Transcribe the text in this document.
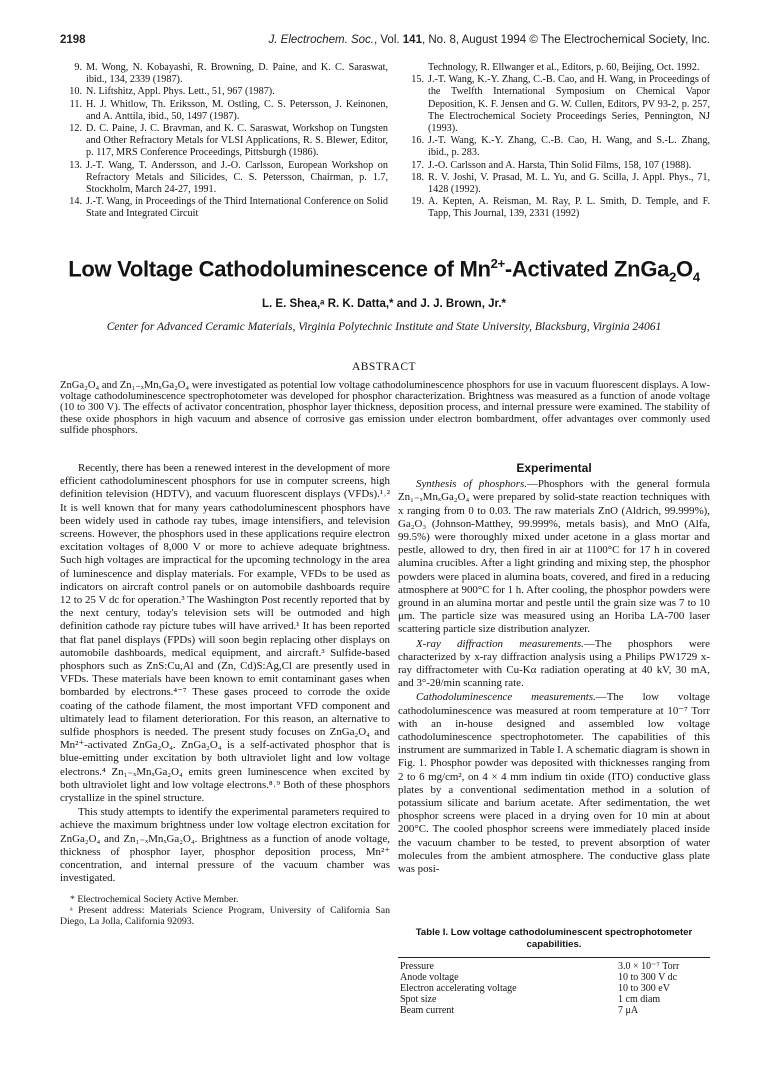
2198	J. Electrochem. Soc., Vol. 141, No. 8, August 1994 © The Electrochemical Society, Inc.
9. M. Wong, N. Kobayashi, R. Browning, D. Paine, and K. C. Saraswat, ibid., 134, 2339 (1987).
10. N. Liftshitz, Appl. Phys. Lett., 51, 967 (1987).
11. H. J. Whitlow, Th. Eriksson, M. Ostling, C. S. Petersson, J. Keinonen, and A. Anttila, ibid., 50, 1497 (1987).
12. D. C. Paine, J. C. Bravman, and K. C. Saraswat, Workshop on Tungsten and Other Refractory Metals for VLSI Applications, R. S. Blewer, Editor, p. 117, MRS Conference Proceedings, Pittsburgh (1986).
13. J.-T. Wang, T. Andersson, and J.-O. Carlsson, European Workshop on Refractory Metals and Silicides, C. S. Petersson, Chairman, p. 1.7, Stockholm, March 24-27, 1991.
14. J.-T. Wang, in Proceedings of the Third International Conference on Solid State and Integrated Circuit
Technology, R. Ellwanger et al., Editors, p. 60, Beijing, Oct. 1992.
15. J.-T. Wang, K.-Y. Zhang, C.-B. Cao, and H. Wang, in Proceedings of the Twelfth International Symposium on Chemical Vapor Deposition, K. F. Jensen and G. W. Cullen, Editors, PV 93-2, p. 257, The Electrochemical Society Proceedings Series, Pennington, NJ (1993).
16. J.-T. Wang, K.-Y. Zhang, C.-B. Cao, H. Wang, and S.-L. Zhang, ibid., p. 283.
17. J.-O. Carlsson and A. Harsta, Thin Solid Films, 158, 107 (1988).
18. R. V. Joshi, V. Prasad, M. L. Yu, and G. Scilla, J. Appl. Phys., 71, 1428 (1992).
19. A. Kepten, A. Reisman, M. Ray, P. L. Smith, D. Temple, and F. Tapp, This Journal, 139, 2331 (1992)
Low Voltage Cathodoluminescence of $Mn^{2+}$-Activated $ZnGa_2O_4$
L. E. Shea,ᵃ R. K. Datta,* and J. J. Brown, Jr.*
Center for Advanced Ceramic Materials, Virginia Polytechnic Institute and State University, Blacksburg, Virginia 24061
ABSTRACT
ZnGa₂O₄ and Zn₁₋ₓMnₓGa₂O₄ were investigated as potential low voltage cathodoluminescence phosphors for use in vacuum fluorescent displays. A low-voltage cathodoluminescence spectrophotometer was developed for phosphor characterization. Brightness was measured as a function of anode voltage (10 to 300 V). The effects of activator concentration, phosphor layer thickness, deposition process, and internal pressure were examined. The stability of these oxide phosphors in high vacuum and absence of corrosive gas emission under electron bombardment, offer advantages over commonly used sulfide phosphors.

Recently, there has been a renewed interest in the development of more efficient cathodoluminescent phosphors for use in computer screens, high definition television (HDTV), and vacuum fluorescent displays (VFDs).¹˒² It is well known that for many years cathodoluminescent phosphors have been widely used in cathode ray tubes, image intensifiers, and television screens. However, the phosphors used in these applications require electron excitation voltages of 8,000 V or more to achieve adequate brightness. Such high voltages are impractical for the upcoming technology in the area of luminescence and display materials. For example, VFDs to be used as indicators on aircraft control panels or on automobile dashboards require 12 to 25 V dc for operation.³ The Washington Post recently reported that by the next century, today's television sets will be outmoded and high definition cathode ray picture tubes will have arrived.¹ It has been reported that flat panel displays (FPDs) will soon begin replacing other displays on automobile dashboards, medical equipment, and aircraft.³ Sulfide-based phosphors such as ZnS:Cu,Al and (Zn, Cd)S:Ag,Cl are presently used in VFDs. These materials have been known to emit contaminant gases when bombarded by electrons.⁴⁻⁷ These gases proceed to corrode the oxide coating of the cathode filament, the most important VFD component and ultimately lead to filament deterioration. For this reason, an alternative to sulfide phosphors is needed. The present study focuses on ZnGa₂O₄ and Mn²⁺-activated ZnGa₂O₄. ZnGa₂O₄ is a self-activated phosphor that is blue-emitting under excitation by both ultraviolet light and low voltage electrons.⁴ Zn₁₋ₓMnₓGa₂O₄ emits green luminescence when excited by both ultraviolet light and low voltage electrons.⁸˒⁹ Both of these phosphors crystallize in the spinel structure.

This study attempts to identify the experimental parameters required to achieve the maximum brightness under low voltage electron excitation for ZnGa₂O₄ and Zn₁₋ₓMnₓGa₂O₄. Brightness as a function of anode voltage, thickness of phosphor layer, phosphor deposition process, Mn²⁺ concentration, and internal pressure of the vacuum chamber was investigated.

* Electrochemical Society Active Member.
ᵃ Present address: Materials Science Program, University of California San Diego, La Jolla, California 92093.
Experimental

Synthesis of phosphors.—Phosphors with the general formula Zn₁₋ₓMnₓGa₂O₄ were prepared by solid-state reaction techniques with x ranging from 0 to 0.03. The raw materials ZnO (Aldrich, 99.999%), Ga₂O₃ (Johnson-Matthey, 99.999%, metals basis), and MnO (Alfa, 99.5%) were thoroughly mixed under acetone in a glass mortar and pestle, allowed to dry, then fired in air at 1100°C for 17 h in covered alumina crucibles. After a light grinding and mixing step, the phosphor powders were placed in alumina boats, covered, and fired in a reducing atmosphere at 900°C for 1 h. After cooling, the phosphor powders were ground in an alumina mortar and pestle until the grain size was 7 to 10 μm. The particle size was measured using an Horiba LA-700 laser scattering particle size distribution analyzer.

X-ray diffraction measurements.—The phosphors were characterized by x-ray diffraction analysis using a Philips PW1729 x-ray diffractometer with Cu-Kα radiation operating at 40 kV, 30 mA, and 3°-2θ/min scanning rate.

Cathodoluminescence measurements.—The low voltage cathodoluminescence was measured at room temperature at 10⁻⁷ Torr with an in-house designed and assembled low voltage cathodoluminescence spectrophotometer. The capabilities of this instrument are summarized in Table I. A schematic diagram is shown in Fig. 1. Phosphor powder was deposited with thicknesses ranging from 2 to 6 mg/cm², on 4 × 4 mm indium tin oxide (ITO) conductive glass plates by a conventional sedimentation method in a solution of potassium silicate and barium acetate. After sedimentation, the wet phosphor screens were placed in a drying oven for 10 min at about 200°C. The cooled phosphor screens were immediately placed inside the vacuum chamber to be tested, to prevent absorption of water molecules from the ambient atmosphere. The conductive glass plate was posi-

Table I. Low voltage cathodoluminescent spectrophotometer capabilities.
Pressure	3.0 × 10⁻⁷ Torr
Anode voltage	10 to 300 V dc
Electron accelerating voltage	10 to 300 eV
Spot size	1 cm diam
Beam current	7 μA
